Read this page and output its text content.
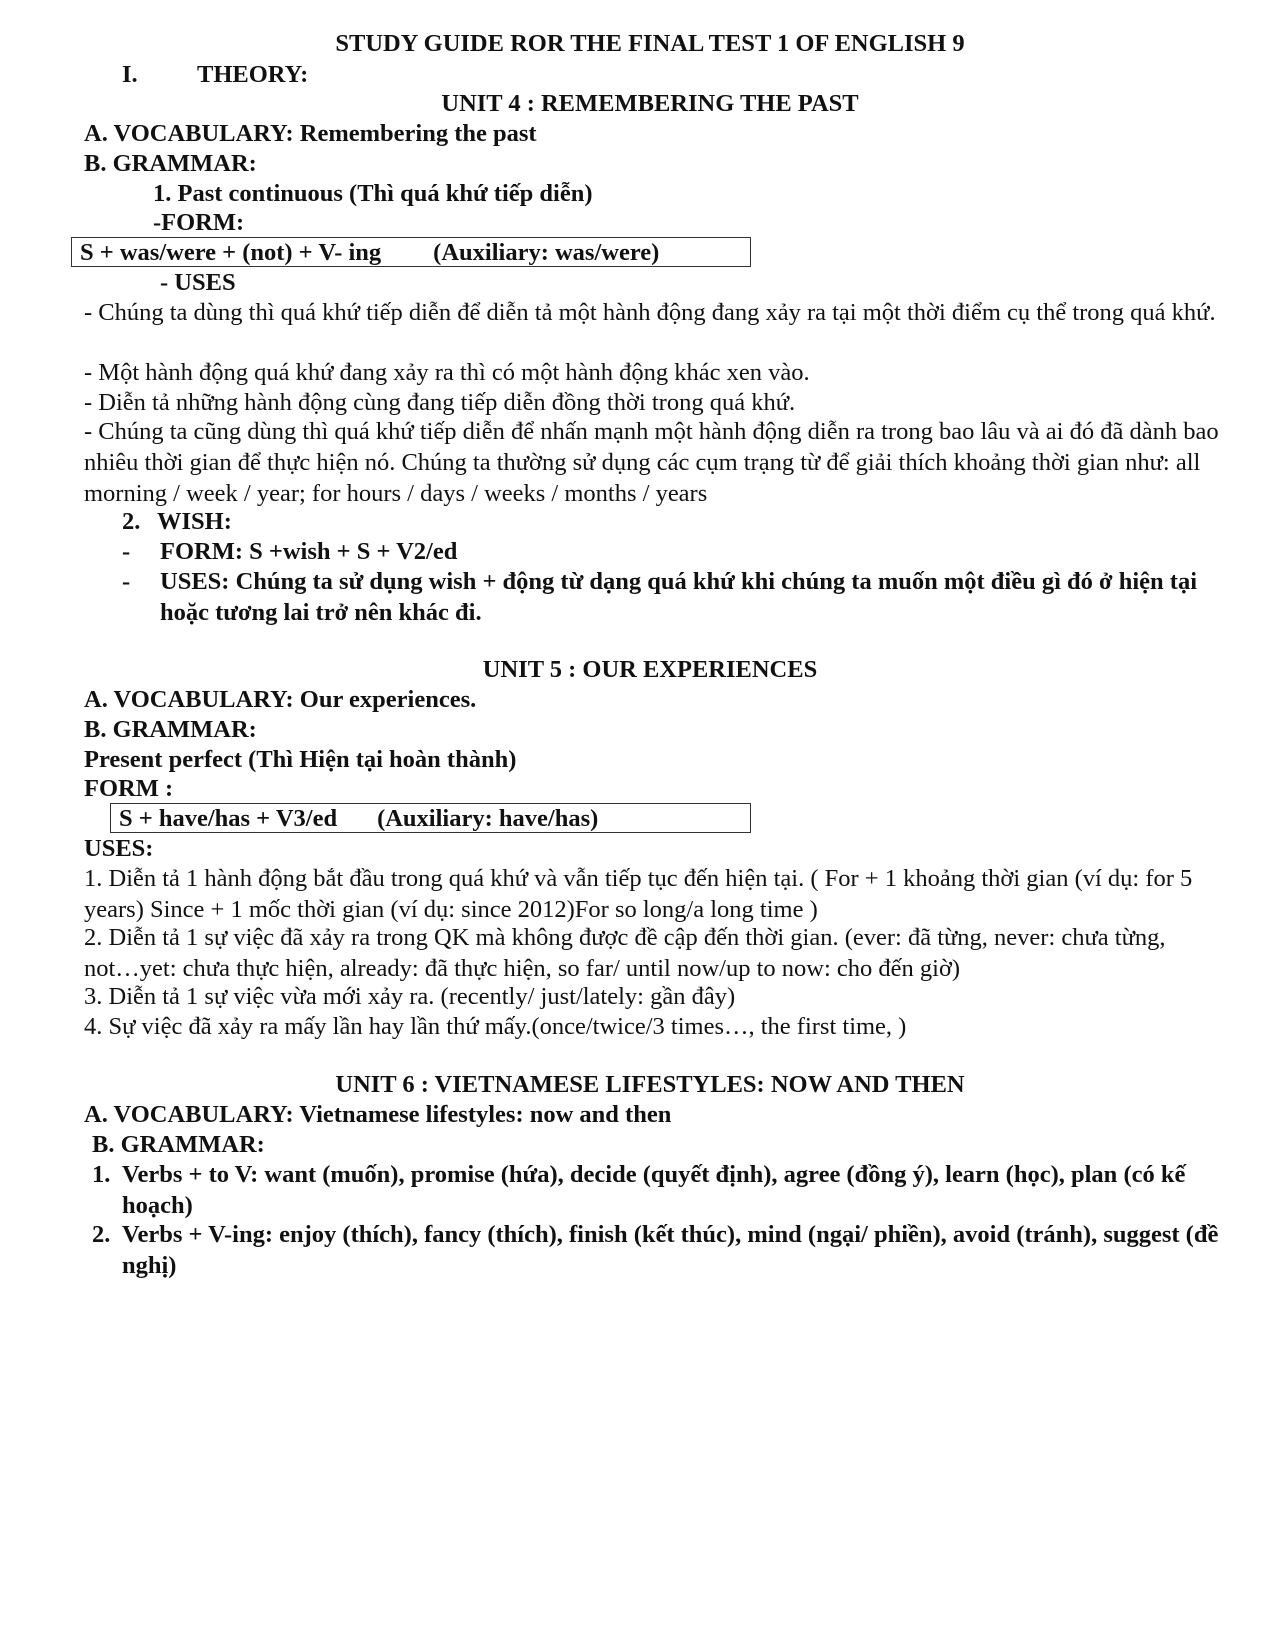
STUDY GUIDE ROR THE FINAL TEST 1 OF ENGLISH 9
I. THEORY:
UNIT 4 : REMEMBERING THE PAST
A. VOCABULARY: Remembering the past
B. GRAMMAR:
1. Past continuous (Thì quá khứ tiếp diễn)
-FORM:
S + was/were + (not) + V- ing (Auxiliary: was/were)
- USES
- Chúng ta dùng thì quá khứ tiếp diễn để diễn tả một hành động đang xảy ra tại một thời điểm cụ thể trong quá khứ.
- Một hành động quá khứ đang xảy ra thì có một hành động khác xen vào.
- Diễn tả những hành động cùng đang tiếp diễn đồng thời trong quá khứ.
- Chúng ta cũng dùng thì quá khứ tiếp diễn để nhấn mạnh một hành động diễn ra trong bao lâu và ai đó đã dành bao nhiêu thời gian để thực hiện nó. Chúng ta thường sử dụng các cụm trạng từ để giải thích khoảng thời gian như: all morning / week / year; for hours / days / weeks / months / years
2. WISH:
- FORM: S +wish + S + V2/ed
- USES: Chúng ta sử dụng wish + động từ dạng quá khứ khi chúng ta muốn một điều gì đó ở hiện tại hoặc tương lai trở nên khác đi.
UNIT 5 : OUR EXPERIENCES
A. VOCABULARY: Our experiences.
B. GRAMMAR:
Present perfect (Thì Hiện tại hoàn thành)
FORM :
S + have/has + V3/ed (Auxiliary: have/has)
USES:
1. Diễn tả 1 hành động bắt đầu trong quá khứ và vẫn tiếp tục đến hiện tại. ( For + 1 khoảng thời gian (ví dụ: for 5 years) Since + 1 mốc thời gian (ví dụ: since 2012)For so long/a long time )
2. Diễn tả 1 sự việc đã xảy ra trong QK mà không được đề cập đến thời gian. (ever: đã từng, never: chưa từng, not…yet: chưa thực hiện, already: đã thực hiện, so far/ until now/up to now: cho đến giờ)
3. Diễn tả 1 sự việc vừa mới xảy ra. (recently/ just/lately: gần đây)
4. Sự việc đã xảy ra mấy lần hay lần thứ mấy.(once/twice/3 times…, the first time, )
UNIT 6 : VIETNAMESE LIFESTYLES: NOW AND THEN
A. VOCABULARY: Vietnamese lifestyles: now and then
B. GRAMMAR:
1. Verbs + to V: want (muốn), promise (hứa), decide (quyết định), agree (đồng ý), learn (học), plan (có kế hoạch)
2. Verbs + V-ing: enjoy (thích), fancy (thích), finish (kết thúc), mind (ngại/ phiền), avoid (tránh), suggest (đề nghị)
